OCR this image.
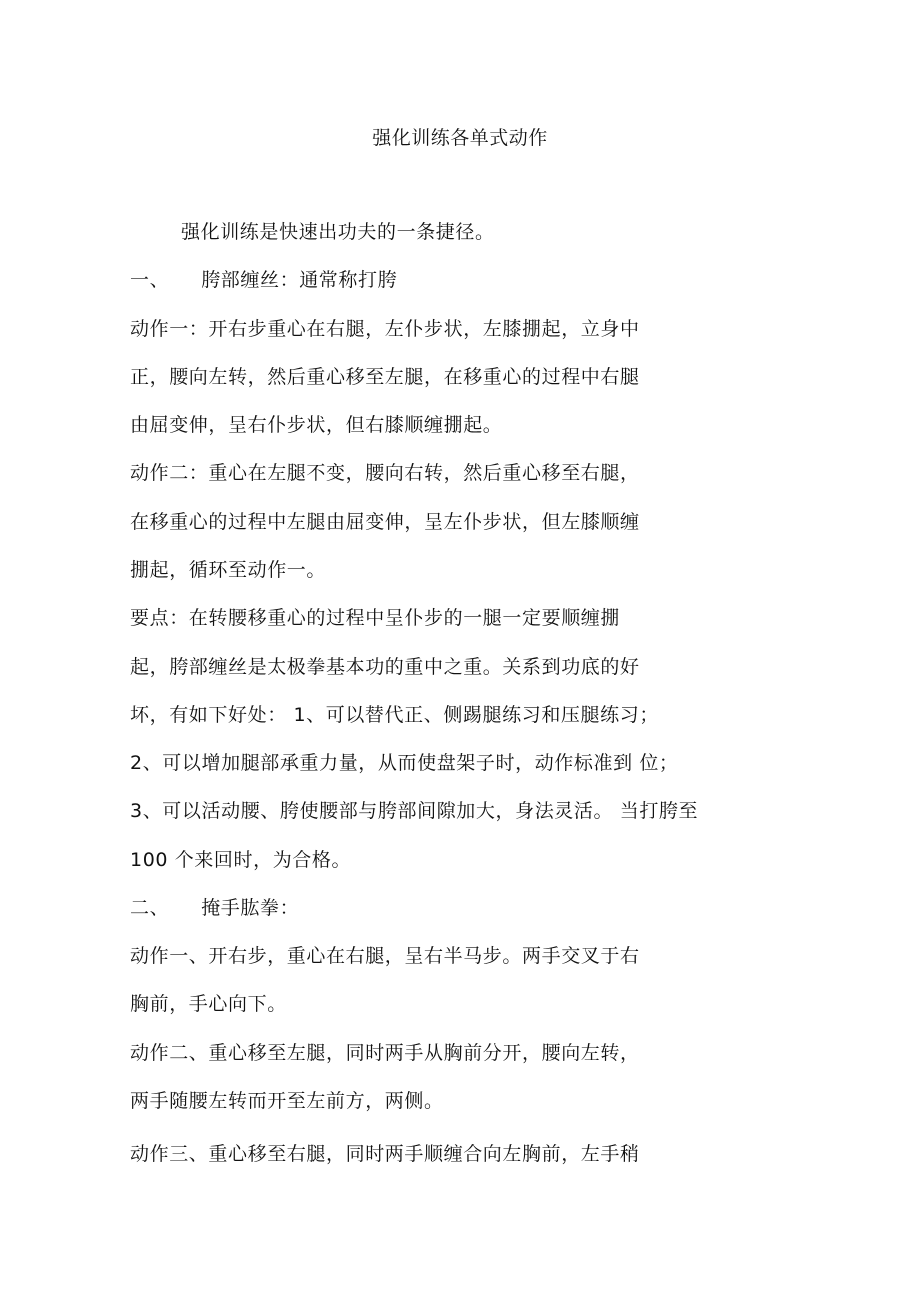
强化训练各单式动作
强化训练是快速出功夫的一条捷径。
一、 胯部缠丝：通常称打胯
动作一：开右步重心在右腿，左仆步状，左膝掤起，立身中
正，腰向左转，然后重心移至左腿，在移重心的过程中右腿
由屈变伸，呈右仆步状，但右膝顺缠掤起。
动作二：重心在左腿不变，腰向右转，然后重心移至右腿，
在移重心的过程中左腿由屈变伸，呈左仆步状，但左膝顺缠
掤起，循环至动作一。
要点：在转腰移重心的过程中呈仆步的一腿一定要顺缠掤
起，胯部缠丝是太极拳基本功的重中之重。关系到功底的好
坏，有如下好处： 1、可以替代正、侧踢腿练习和压腿练习；
2、可以增加腿部承重力量，从而使盘架子时，动作标准到 位；
3、可以活动腰、胯使腰部与胯部间隙加大，身法灵活。 当打胯至
100 个来回时，为合格。
二、 掩手肱拳：
动作一、开右步，重心在右腿，呈右半马步。两手交叉于右
胸前，手心向下。
动作二、重心移至左腿，同时两手从胸前分开，腰向左转，
两手随腰左转而开至左前方，两侧。
动作三、重心移至右腿，同时两手顺缠合向左胸前，左手稍
